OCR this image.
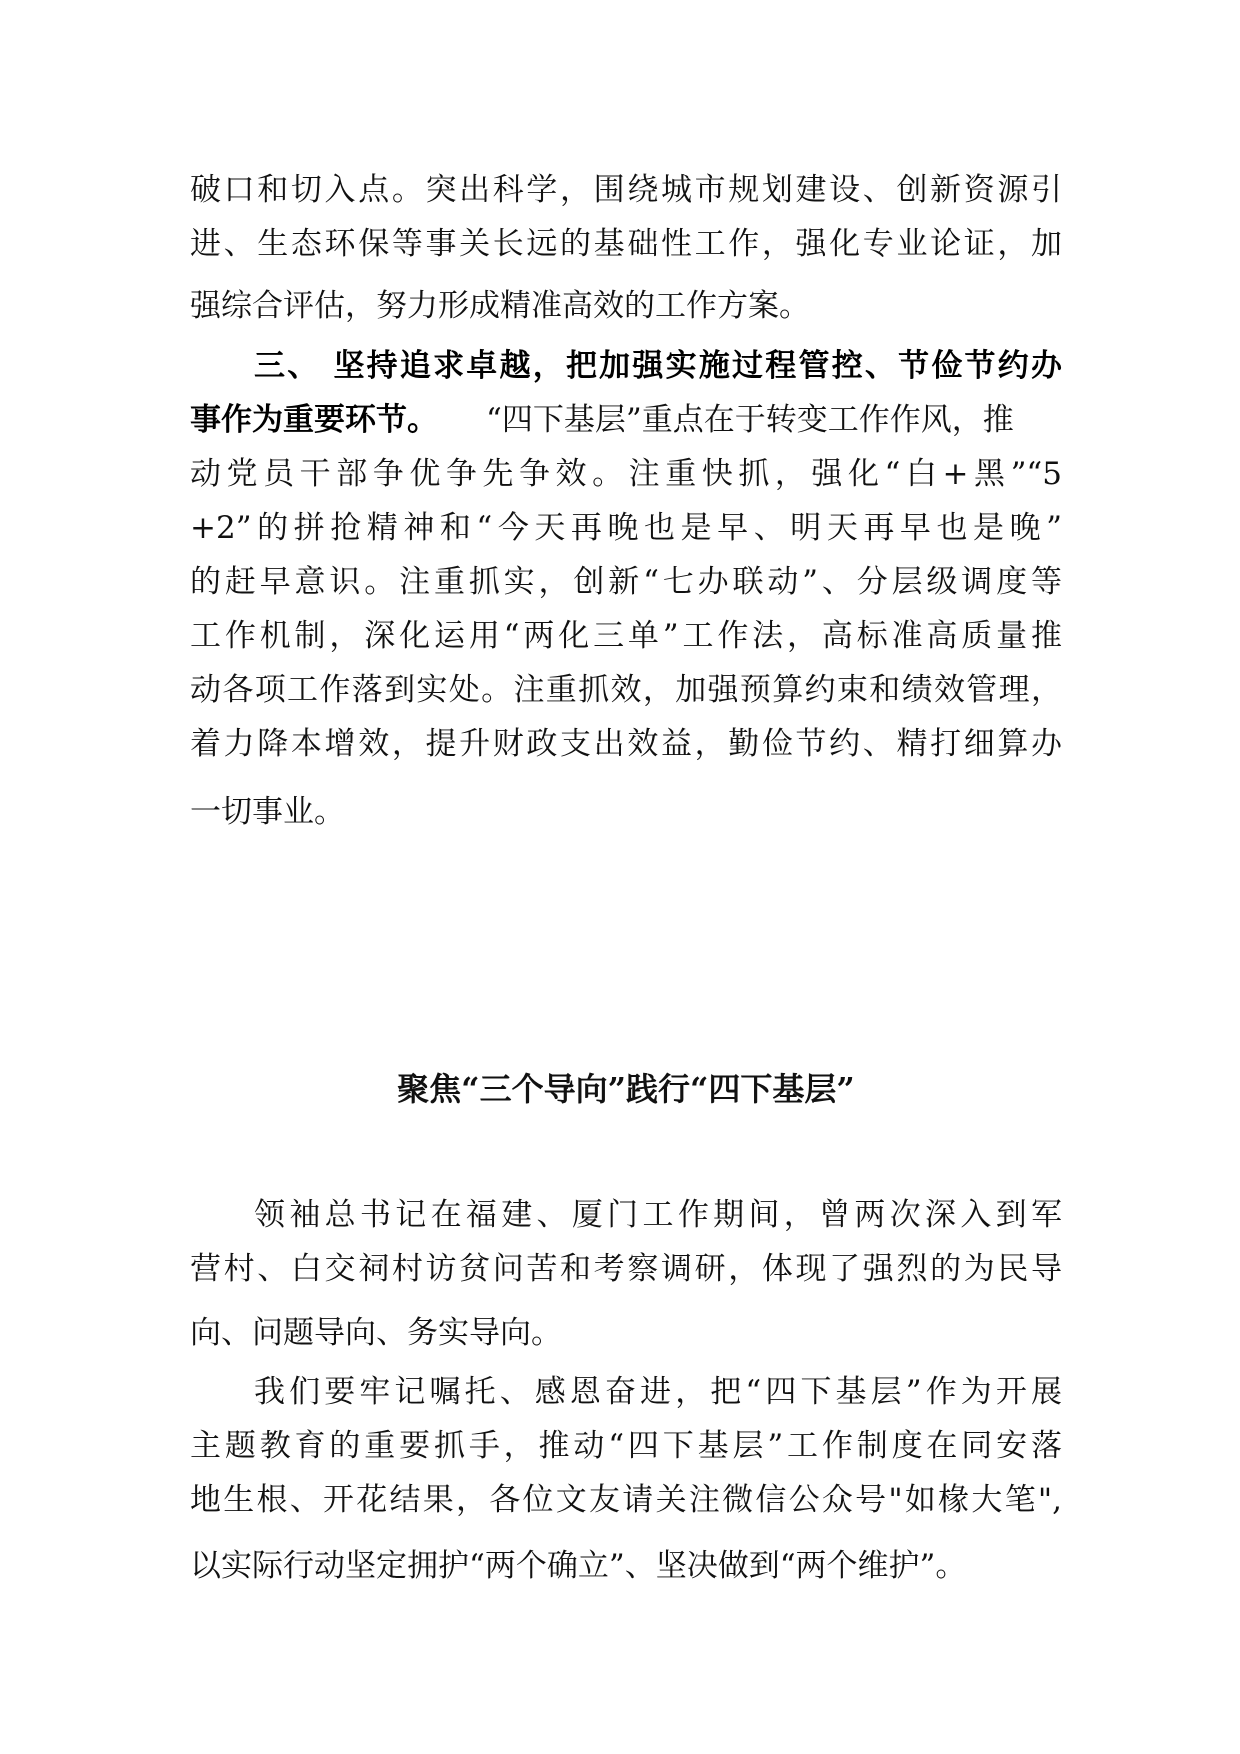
破口和切入点。突出科学，围绕城市规划建设、创新资源引
进、生态环保等事关长远的基础性工作，强化专业论证，加
强综合评估，努力形成精准高效的工作方案。
三、 坚持追求卓越，把加强实施过程管控、节俭节约办
事作为重要环节。 “四下基层”重点在于转变工作作风，推
动党员干部争优争先争效。注重快抓，强化“白+黑”“5
+2”的拼抢精神和“今天再晚也是早、明天再早也是晚”
的赶早意识。注重抓实，创新“七办联动”、分层级调度等
工作机制，深化运用“两化三单”工作法，高标准高质量推
动各项工作落到实处。注重抓效，加强预算约束和绩效管理，
着力降本增效，提升财政支出效益，勤俭节约、精打细算办
一切事业。
聚焦“三个导向”践行“四下基层”
领袖总书记在福建、厦门工作期间，曾两次深入到军
营村、白交祠村访贫问苦和考察调研，体现了强烈的为民导
向、问题导向、务实导向。
我们要牢记嘱托、感恩奋进，把“四下基层”作为开展
主题教育的重要抓手，推动“四下基层”工作制度在同安落
地生根、开花结果，各位文友请关注微信公众号"如椽大笔",
以实际行动坚定拥护“两个确立”、坚决做到“两个维护”。
